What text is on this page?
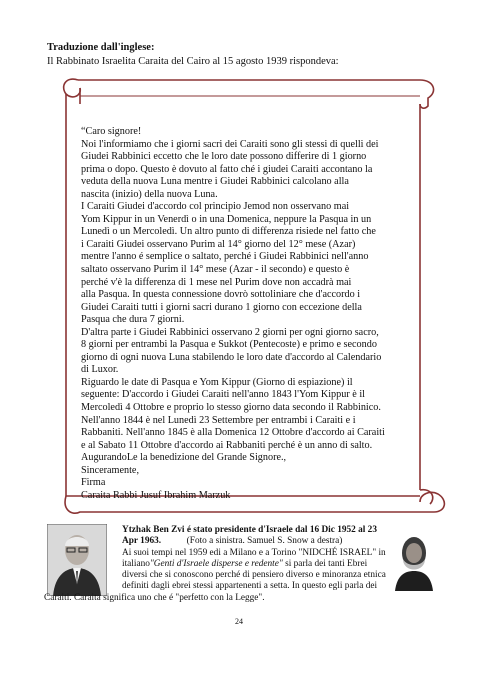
Traduzione dall'inglese:
Il Rabbinato Israelita Caraita del Cairo al 15 agosto 1939 rispondeva:

“Caro signore!

Noi l'informiamo che i giorni sacri dei Caraiti sono gli stessi di quelli dei

Giudei Rabbinici eccetto che le loro date possono differire di 1 giorno

prima o dopo. Questo è dovuto al fatto ché i giudei Caraiti accontano la

veduta della nuova Luna mentre i Giudei Rabbinici calcolano alla

nascita (inizio) della nuova Luna.

I Caraiti Giudei d'accordo col principio Jemod non osservano mai

Yom Kippur in un Venerdì o in una Domenica, neppure la Pasqua in un

Lunedì o un Mercoledì. Un altro punto di differenza risiede nel fatto che

i Caraiti Giudei osservano Purim al 14° giorno del 12° mese (Azar)

mentre l'anno é semplice o saltato, perché i Giudei Rabbinici nell'anno

saltato osservano Purim il 14° mese (Azar - il secondo) e questo è

perché v'è la differenza di 1 mese nel Purim dove non accadrà mai

alla Pasqua. In questa connessione dovrò sottoliniare che d'accordo i

Giudei Caraiti tutti i giorni sacri durano 1 giorno con eccezione della

Pasqua che dura 7 giorni.

D'altra parte i Giudei Rabbinici osservano 2 giorni per ogni giorno sacro,

8 giorni per entrambi la Pasqua e Sukkot (Pentecoste) e primo e secondo

giorno di ogni nuova Luna stabilendo le loro date d'accordo al Calendario

di Luxor.

Riguardo le date di Pasqua e Yom Kippur (Giorno di espiazione) il

seguente: D'accordo i Giudei Caraiti nell'anno 1843 l'Yom Kippur è il

Mercoledì 4 Ottobre e proprio lo stesso giorno data secondo il Rabbinico.

Nell'anno 1844 è nel Lunedì 23 Settembre per entrambi i Caraiti e i

Rabbaniti. Nell'anno 1845 è alla Domenica 12 Ottobre d'accordo ai Caraiti

e al Sabato 11 Ottobre d'accordo ai Rabbaniti perché è un anno di salto.

AugurandoLe la benedizione del Grande Signore.,

Sinceramente,

Firma

Caraita Rabbi Jusuf Ibrahim Marzuk

Ytzhak Ben Zvi é stato presidente d'Israele dal 16 Dic 1952 al 23

Apr 1963.	(Foto a sinistra. Samuel S. Snow a destra)

Ai suoi tempi nel 1959 edi a Milano e a Torino "NIDCHÉ ISRAEL" in

italiano"Genti d'Israele disperse e redente" si parla dei tanti Ebrei

diversi che si conoscono perché di pensiero diverso e minoranza etnica

definiti dagli ebrei stessi appartenenti a setta. In questo egli parla dei

Caraiti. Caraita significa uno che é "perfetto con la Legge".

24
